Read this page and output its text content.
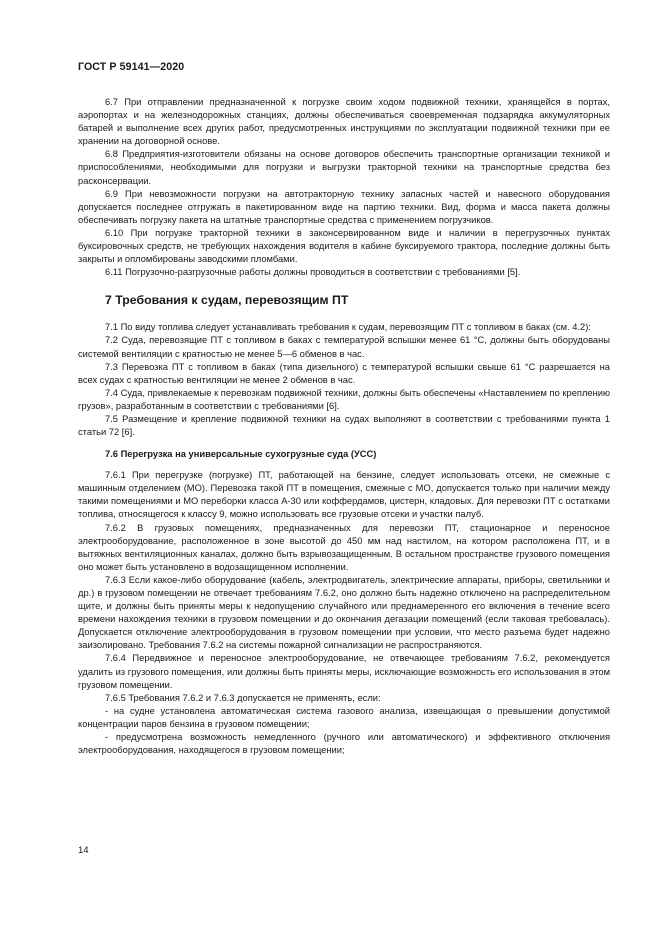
ГОСТ Р 59141—2020

6.7 При отправлении предназначенной к погрузке своим ходом подвижной техники, хранящейся в портах, аэропортах и на железнодорожных станциях, должны обеспечиваться своевременная подзарядка аккумуляторных батарей и выполнение всех других работ, предусмотренных инструкциями по эксплуатации подвижной техники при ее хранении на договорной основе.

6.8 Предприятия-изготовители обязаны на основе договоров обеспечить транспортные организации техникой и приспособлениями, необходимыми для погрузки и выгрузки тракторной техники на транспортные средства без расконсервации.

6.9 При невозможности погрузки на автотракторную технику запасных частей и навесного оборудования допускается последнее отгружать в пакетированном виде на партию техники. Вид, форма и масса пакета должны обеспечивать погрузку пакета на штатные транспортные средства с применением погрузчиков.

6.10 При погрузке тракторной техники в законсервированном виде и наличии в перегрузочных пунктах буксировочных средств, не требующих нахождения водителя в кабине буксируемого трактора, последние должны быть закрыты и опломбированы заводскими пломбами.

6.11 Погрузочно-разгрузочные работы должны проводиться в соответствии с требованиями [5].

7 Требования к судам, перевозящим ПТ

7.1 По виду топлива следует устанавливать требования к судам, перевозящим ПТ с топливом в баках (см. 4.2):

7.2 Суда, перевозящие ПТ с топливом в баках с температурой вспышки менее 61 °С, должны быть оборудованы системой вентиляции с кратностью не менее 5—6 обменов в час.

7.3 Перевозка ПТ с топливом в баках (типа дизельного) с температурой вспышки свыше 61 °С разрешается на всех судах с кратностью вентиляции не менее 2 обменов в час.

7.4 Суда, привлекаемые к перевозкам подвижной техники, должны быть обеспечены «Наставлением по креплению грузов», разработанным в соответствии с требованиями [6].

7.5 Размещение и крепление подвижной техники на судах выполняют в соответствии с требованиями пункта 1 статьи 72 [6].

7.6 Перегрузка на универсальные сухогрузные суда (УСС)

7.6.1 При перегрузке (погрузке) ПТ, работающей на бензине, следует использовать отсеки, не смежные с машинным отделением (МО). Перевозка такой ПТ в помещения, смежные с МО, допускается только при наличии между такими помещениями и МО переборки класса А-30 или коффердамов, цистерн, кладовых. Для перевозки ПТ с остатками топлива, относящегося к классу 9, можно использовать все грузовые отсеки и участки палуб.

7.6.2 В грузовых помещениях, предназначенных для перевозки ПТ, стационарное и переносное электрооборудование, расположенное в зоне высотой до 450 мм над настилом, на котором расположена ПТ, и в вытяжных вентиляционных каналах, должно быть взрывозащищенным. В остальном пространстве грузового помещения оно может быть установлено в водозащищенном исполнении.

7.6.3 Если какое-либо оборудование (кабель, электродвигатель, электрические аппараты, приборы, светильники и др.) в грузовом помещении не отвечает требованиям 7.6.2, оно должно быть надежно отключено на распределительном щите, и должны быть приняты меры к недопущению случайного или преднамеренного его включения в течение всего времени нахождения техники в грузовом помещении и до окончания дегазации помещений (если таковая требовалась). Допускается отключение электрооборудования в грузовом помещении при условии, что место разъема будет надежно заизолировано. Требования 7.6.2 на системы пожарной сигнализации не распространяются.

7.6.4 Передвижное и переносное электрооборудование, не отвечающее требованиям 7.6.2, рекомендуется удалить из грузового помещения, или должны быть приняты меры, исключающие возможность его использования в этом грузовом помещении.

7.6.5 Требования 7.6.2 и 7.6.3 допускается не применять, если:

- на судне установлена автоматическая система газового анализа, извещающая о превышении допустимой концентрации паров бензина в грузовом помещении;

- предусмотрена возможность немедленного (ручного или автоматического) и эффективного отключения электрооборудования, находящегося в грузовом помещении;

14
